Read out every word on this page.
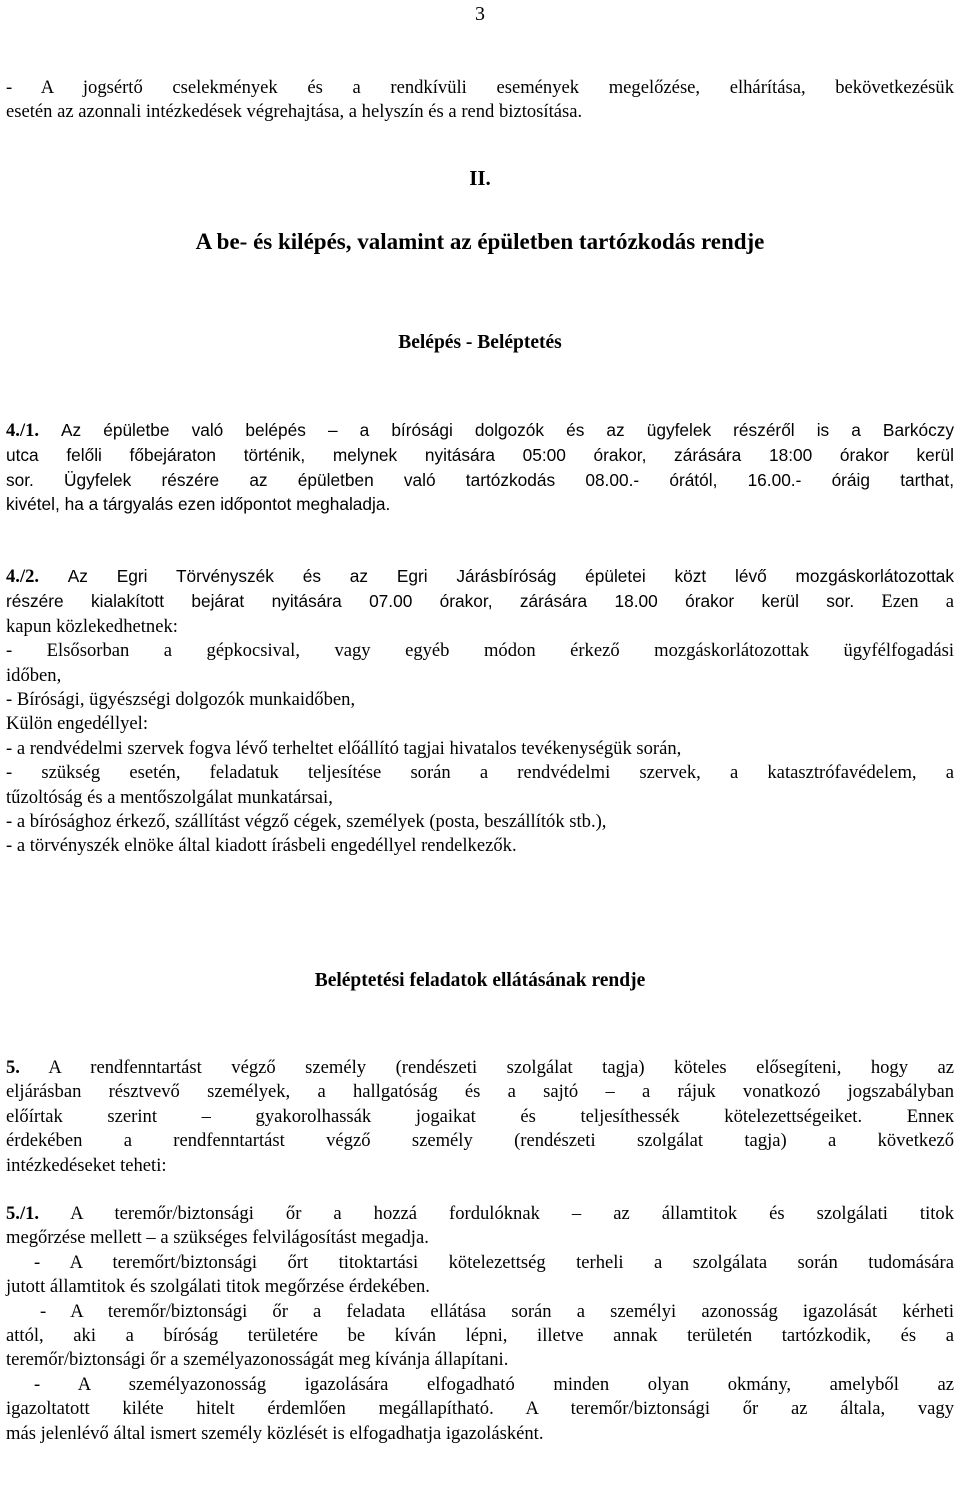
3
- A jogsértő cselekmények és a rendkívüli események megelőzése, elhárítása, bekövetkezésük
esetén az azonnali intézkedések végrehajtása, a helyszín és a rend biztosítása.
II.
A be- és kilépés, valamint az épületben tartózkodás rendje
Belépés - Beléptetés
4./1. Az épületbe való belépés – a bírósági dolgozók és az ügyfelek részéről is a Barkóczy
utca felőli főbejáraton történik, melynek nyitására 05:00 órakor, zárására 18:00 órakor kerül
sor. Ügyfelek részére az épületben való tartózkodás 08.00.- órától, 16.00.- óráig tarthat,
kivétel, ha a tárgyalás ezen időpontot meghaladja.
4./2. Az Egri Törvényszék és az Egri Járásbíróság épületei közt lévő mozgáskorlátozottak
részére kialakított bejárat nyitására 07.00 órakor, zárására 18.00 órakor kerül sor. Ezen a
kapun közlekedhetnek:
- Elsősorban a gépkocsival, vagy egyéb módon érkező mozgáskorlátozottak ügyfélfogadási
időben,
- Bírósági, ügyészségi dolgozók munkaidőben,
Külön engedéllyel:
- a rendvédelmi szervek fogva lévő terheltet előállító tagjai hivatalos tevékenységük során,
- szükség esetén, feladatuk teljesítése során a rendvédelmi szervek, a katasztrófavédelem, a
tűzoltóság és a mentőszolgálat munkatársai,
- a bírósághoz érkező, szállítást végző cégek, személyek (posta, beszállítók stb.),
- a törvényszék elnöke által kiadott írásbeli engedéllyel rendelkezők.
Beléptetési feladatok ellátásának rendje
5. A rendfenntartást végző személy (rendészeti szolgálat tagja) köteles elősegíteni, hogy az
eljárásban résztvevő személyek, a hallgatóság és a sajtó – a rájuk vonatkozó jogszabályban
előírtak szerint – gyakorolhassák jogaikat és teljesíthessék kötelezettségeiket. Enneк
érdekében a rendfenntartást végző személy (rendészeti szolgálat tagja) a következő
intézkedéseket teheti:
5./1. A teremőr/biztonsági őr a hozzá fordulóknak – az államtitok és szolgálati titok
megőrzése mellett – a szükséges felvilágosítást megadja.
- A teremőrt/biztonsági őrt titoktartási kötelezettség terheli a szolgálata során tudomására
jutott államtitok és szolgálati titok megőrzése érdekében.
- A teremőr/biztonsági őr a feladata ellátása során a személyi azonosság igazolását kérheti
attól, aki a bíróság területére be kíván lépni, illetve annak területén tartózkodik, és a
teremőr/biztonsági őr a személyazonosságát meg kívánja állapítani.
- A személyazonosság igazolására elfogadható minden olyan okmány, amelyből az
igazoltatott kiléte hitelt érdemlően megállapítható. A teremőr/biztonsági őr az általa, vagy
más jelenlévő által ismert személy közlését is elfogadhatja igazolásként.
